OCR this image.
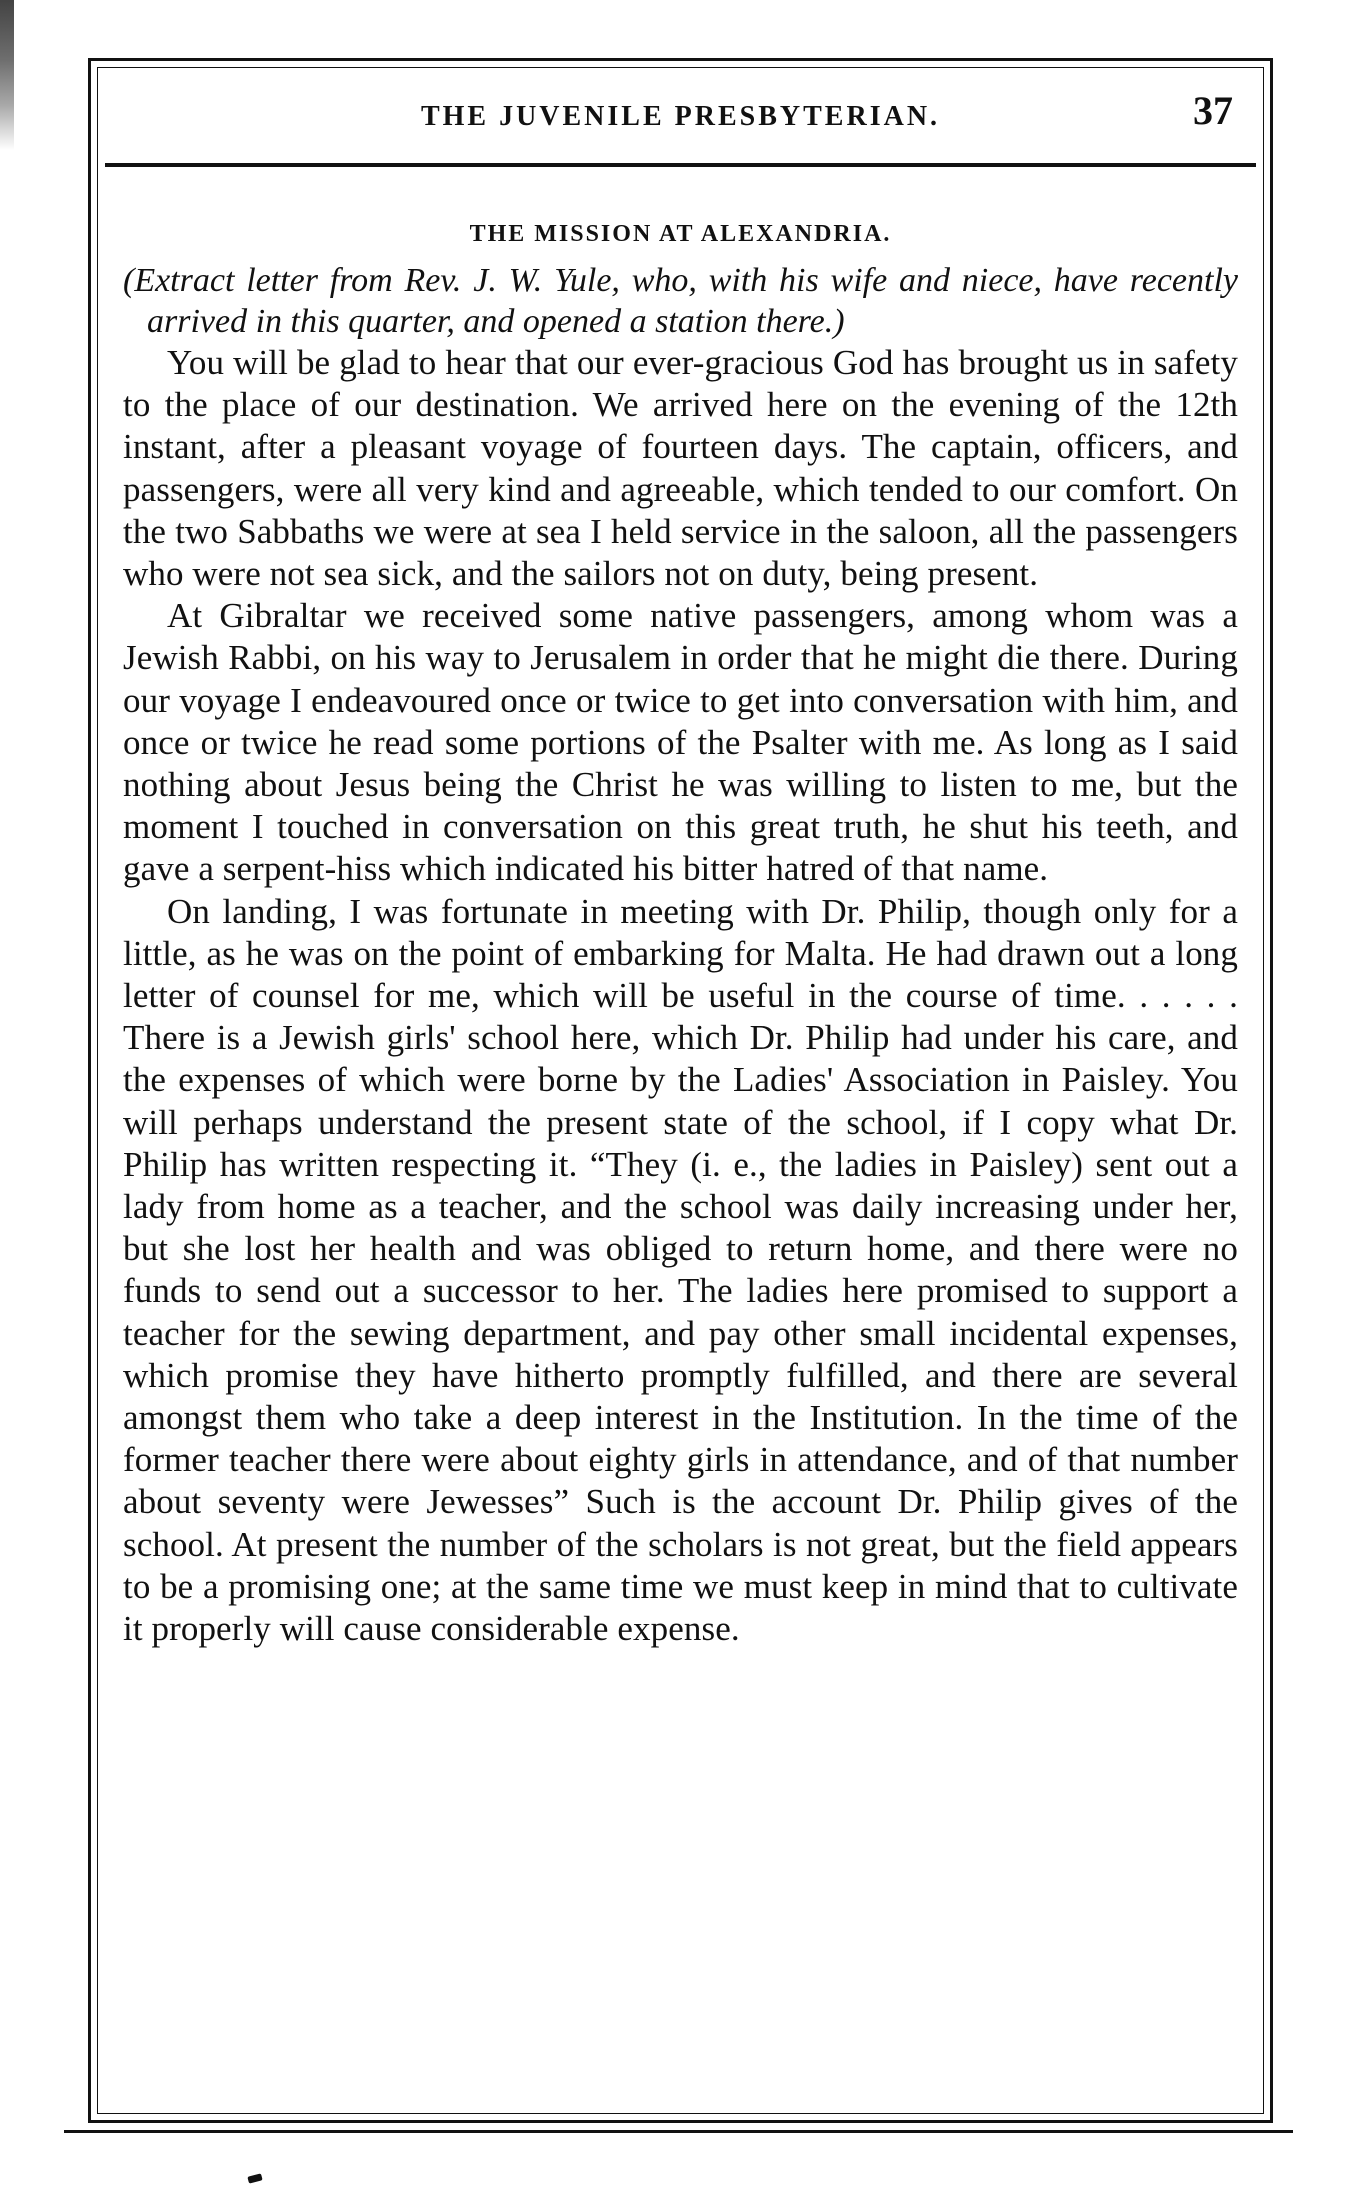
THE JUVENILE PRESBYTERIAN.	37
THE MISSION AT ALEXANDRIA.

(Extract letter from Rev. J. W. Yule, who, with his wife and niece, have recently arrived in this quarter, and opened a station there.)

You will be glad to hear that our ever-gracious God has brought us in safety to the place of our destination. We arrived here on the evening of the 12th instant, after a pleasant voyage of fourteen days. The captain, officers, and passengers, were all very kind and agreeable, which tended to our comfort. On the two Sabbaths we were at sea I held service in the saloon, all the passengers who were not sea sick, and the sailors not on duty, being present.

At Gibraltar we received some native passengers, among whom was a Jewish Rabbi, on his way to Jerusalem in order that he might die there. During our voyage I endeavoured once or twice to get into conversation with him, and once or twice he read some portions of the Psalter with me. As long as I said nothing about Jesus being the Christ he was willing to listen to me, but the moment I touched in conversation on this great truth, he shut his teeth, and gave a serpent-hiss which indicated his bitter hatred of that name.

On landing, I was fortunate in meeting with Dr. Philip, though only for a little, as he was on the point of embarking for Malta. He had drawn out a long letter of counsel for me, which will be useful in the course of time. . . . . . There is a Jewish girls' school here, which Dr. Philip had under his care, and the expenses of which were borne by the Ladies' Association in Paisley. You will perhaps understand the present state of the school, if I copy what Dr. Philip has written respecting it. “They (i. e., the ladies in Paisley) sent out a lady from home as a teacher, and the school was daily increasing under her, but she lost her health and was obliged to return home, and there were no funds to send out a successor to her. The ladies here promised to support a teacher for the sewing department, and pay other small incidental expenses, which promise they have hitherto promptly fulfilled, and there are several amongst them who take a deep interest in the Institution. In the time of the former teacher there were about eighty girls in attendance, and of that number about seventy were Jewesses” Such is the account Dr. Philip gives of the school. At present the number of the scholars is not great, but the field appears to be a promising one; at the same time we must keep in mind that to cultivate it properly will cause considerable expense.
